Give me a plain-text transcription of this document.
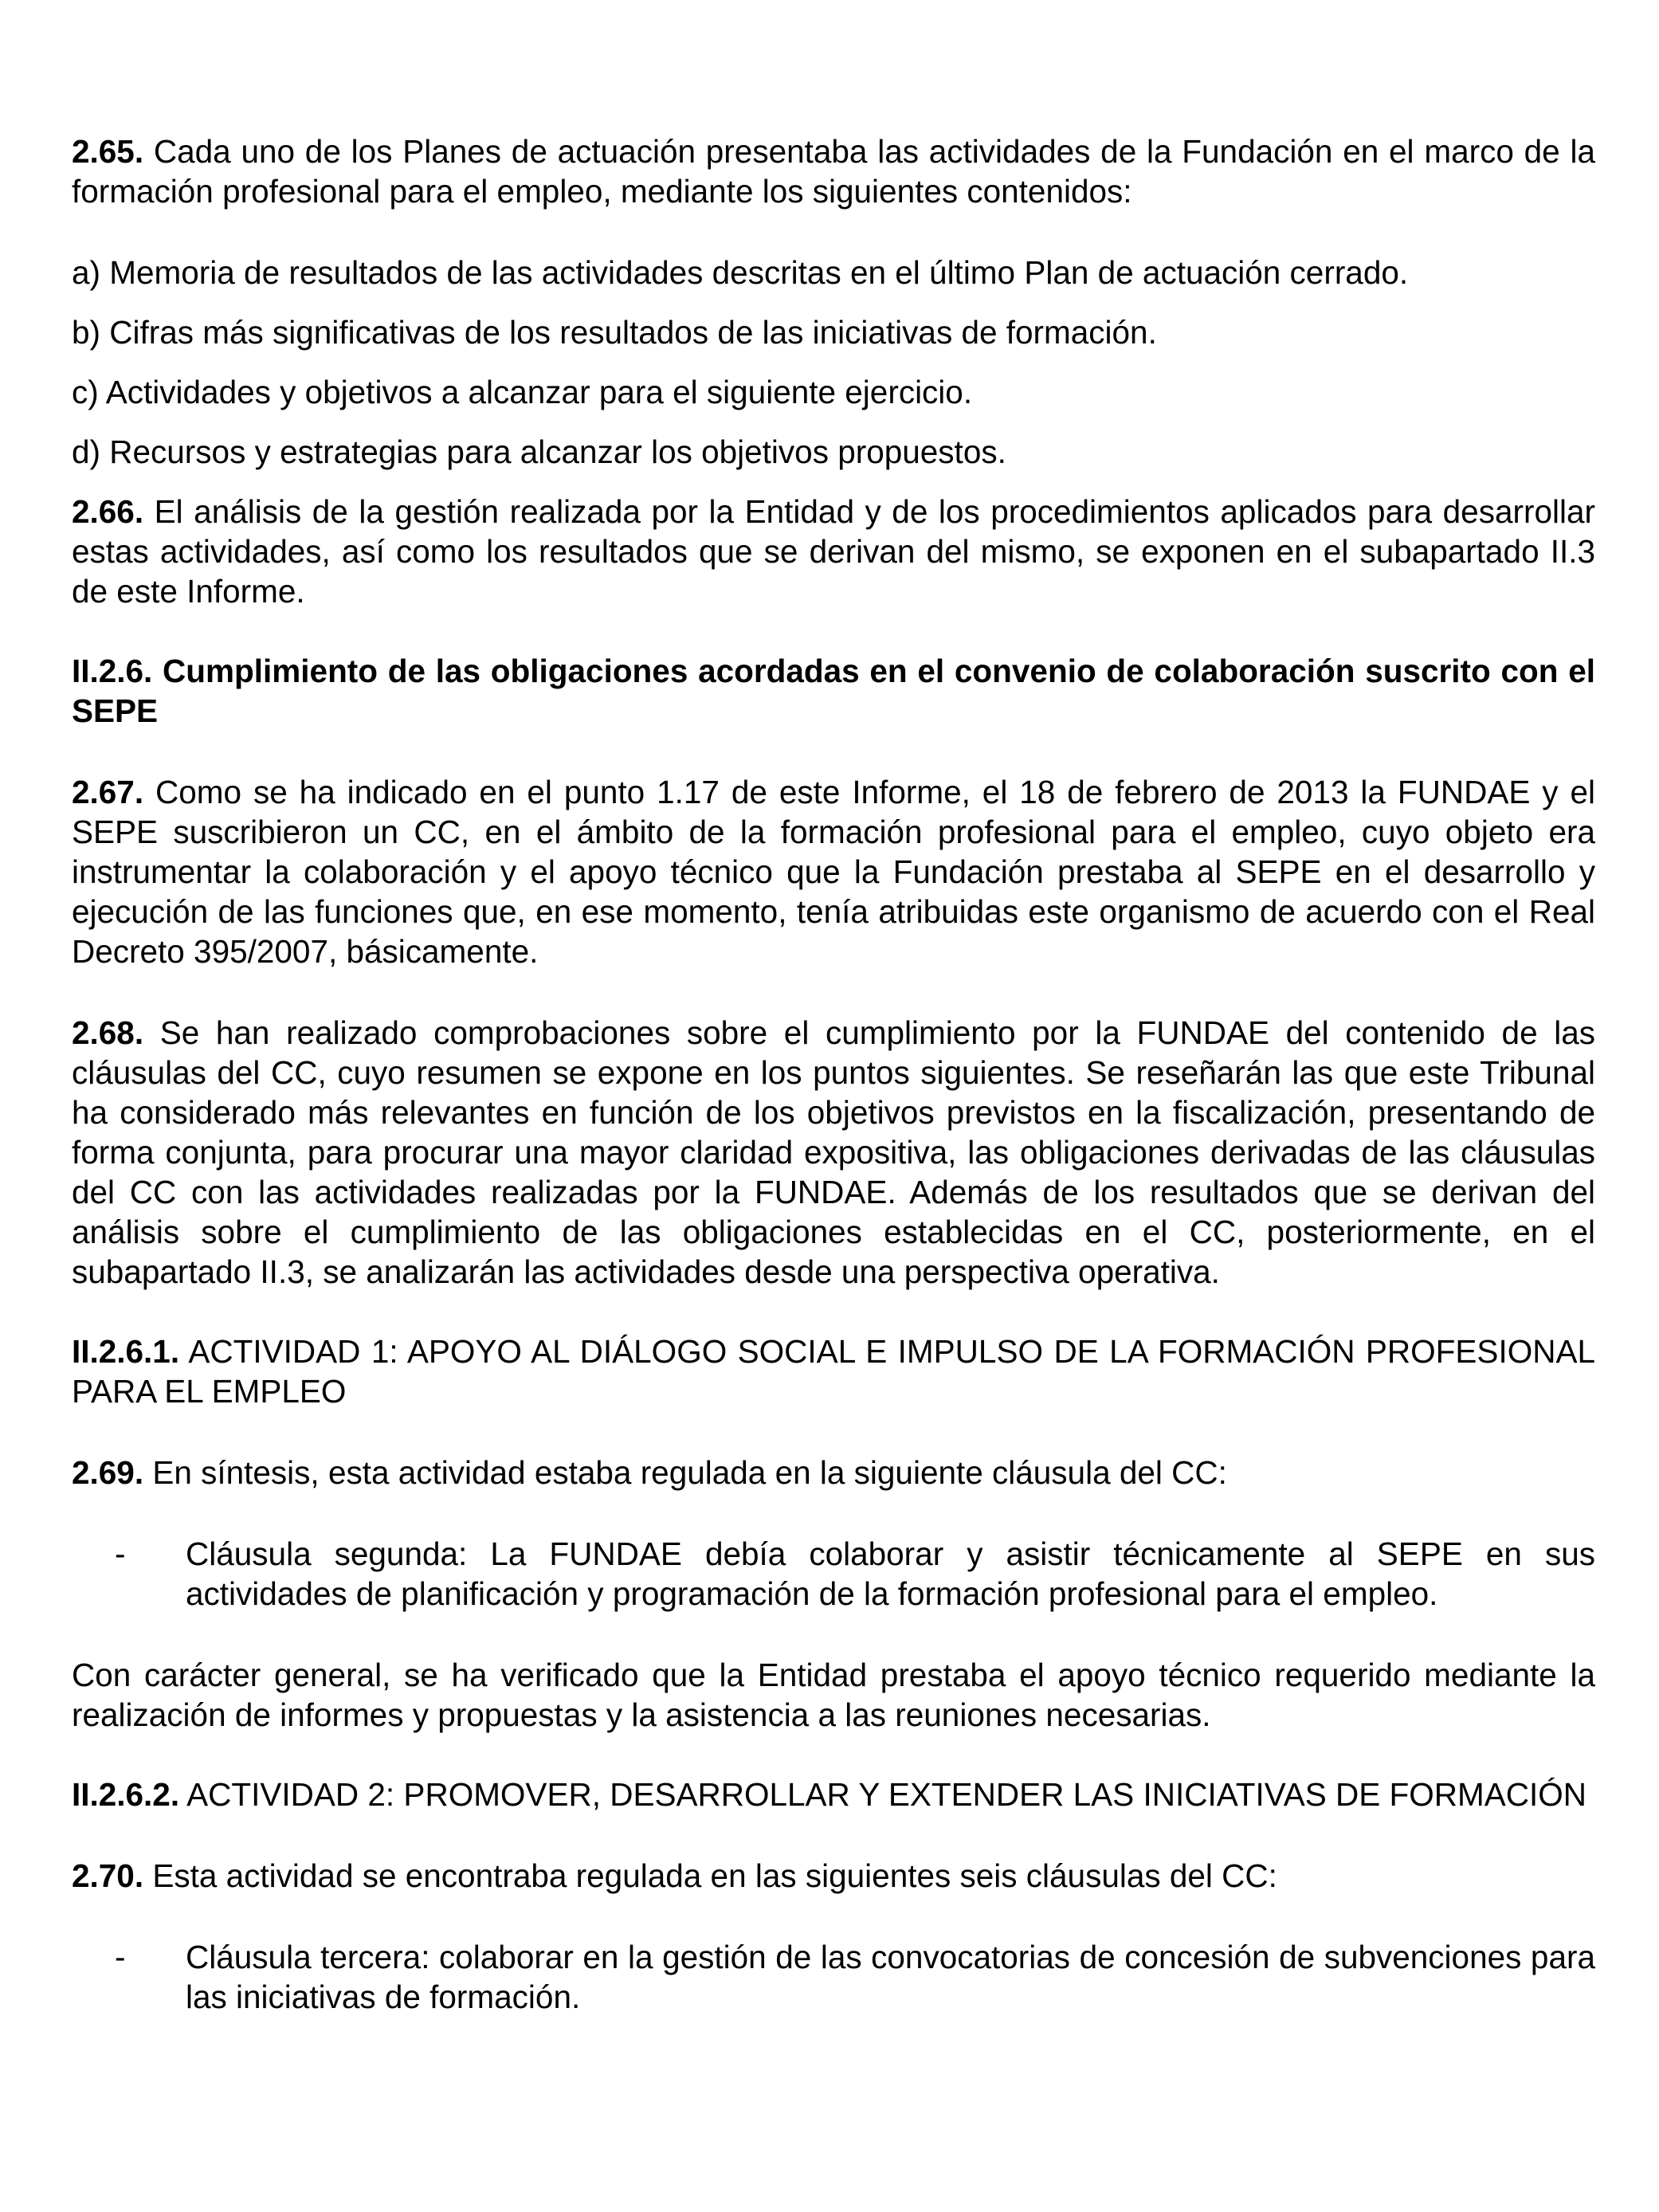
2.65. Cada uno de los Planes de actuación presentaba las actividades de la Fundación en el marco de la formación profesional para el empleo, mediante los siguientes contenidos:

a) Memoria de resultados de las actividades descritas en el último Plan de actuación cerrado.

b) Cifras más significativas de los resultados de las iniciativas de formación.

c) Actividades y objetivos a alcanzar para el siguiente ejercicio.

d) Recursos y estrategias para alcanzar los objetivos propuestos.

2.66. El análisis de la gestión realizada por la Entidad y de los procedimientos aplicados para desarrollar estas actividades, así como los resultados que se derivan del mismo, se exponen en el subapartado II.3 de este Informe.

II.2.6. Cumplimiento de las obligaciones acordadas en el convenio de colaboración suscrito con el SEPE

2.67. Como se ha indicado en el punto 1.17 de este Informe, el 18 de febrero de 2013 la FUNDAE y el SEPE suscribieron un CC, en el ámbito de la formación profesional para el empleo, cuyo objeto era instrumentar la colaboración y el apoyo técnico que la Fundación prestaba al SEPE en el desarrollo y ejecución de las funciones que, en ese momento, tenía atribuidas este organismo de acuerdo con el Real Decreto 395/2007, básicamente.

2.68. Se han realizado comprobaciones sobre el cumplimiento por la FUNDAE del contenido de las cláusulas del CC, cuyo resumen se expone en los puntos siguientes. Se reseñarán las que este Tribunal ha considerado más relevantes en función de los objetivos previstos en la fiscalización, presentando de forma conjunta, para procurar una mayor claridad expositiva, las obligaciones derivadas de las cláusulas del CC con las actividades realizadas por la FUNDAE. Además de los resultados que se derivan del análisis sobre el cumplimiento de las obligaciones establecidas en el CC, posteriormente, en el subapartado II.3, se analizarán las actividades desde una perspectiva operativa.

II.2.6.1. ACTIVIDAD 1: APOYO AL DIÁLOGO SOCIAL E IMPULSO DE LA FORMACIÓN PROFESIONAL PARA EL EMPLEO

2.69. En síntesis, esta actividad estaba regulada en la siguiente cláusula del CC:

- Cláusula segunda: La FUNDAE debía colaborar y asistir técnicamente al SEPE en sus actividades de planificación y programación de la formación profesional para el empleo.

Con carácter general, se ha verificado que la Entidad prestaba el apoyo técnico requerido mediante la realización de informes y propuestas y la asistencia a las reuniones necesarias.

II.2.6.2. ACTIVIDAD 2: PROMOVER, DESARROLLAR Y EXTENDER LAS INICIATIVAS DE FORMACIÓN

2.70. Esta actividad se encontraba regulada en las siguientes seis cláusulas del CC:

- Cláusula tercera: colaborar en la gestión de las convocatorias de concesión de subvenciones para las iniciativas de formación.
